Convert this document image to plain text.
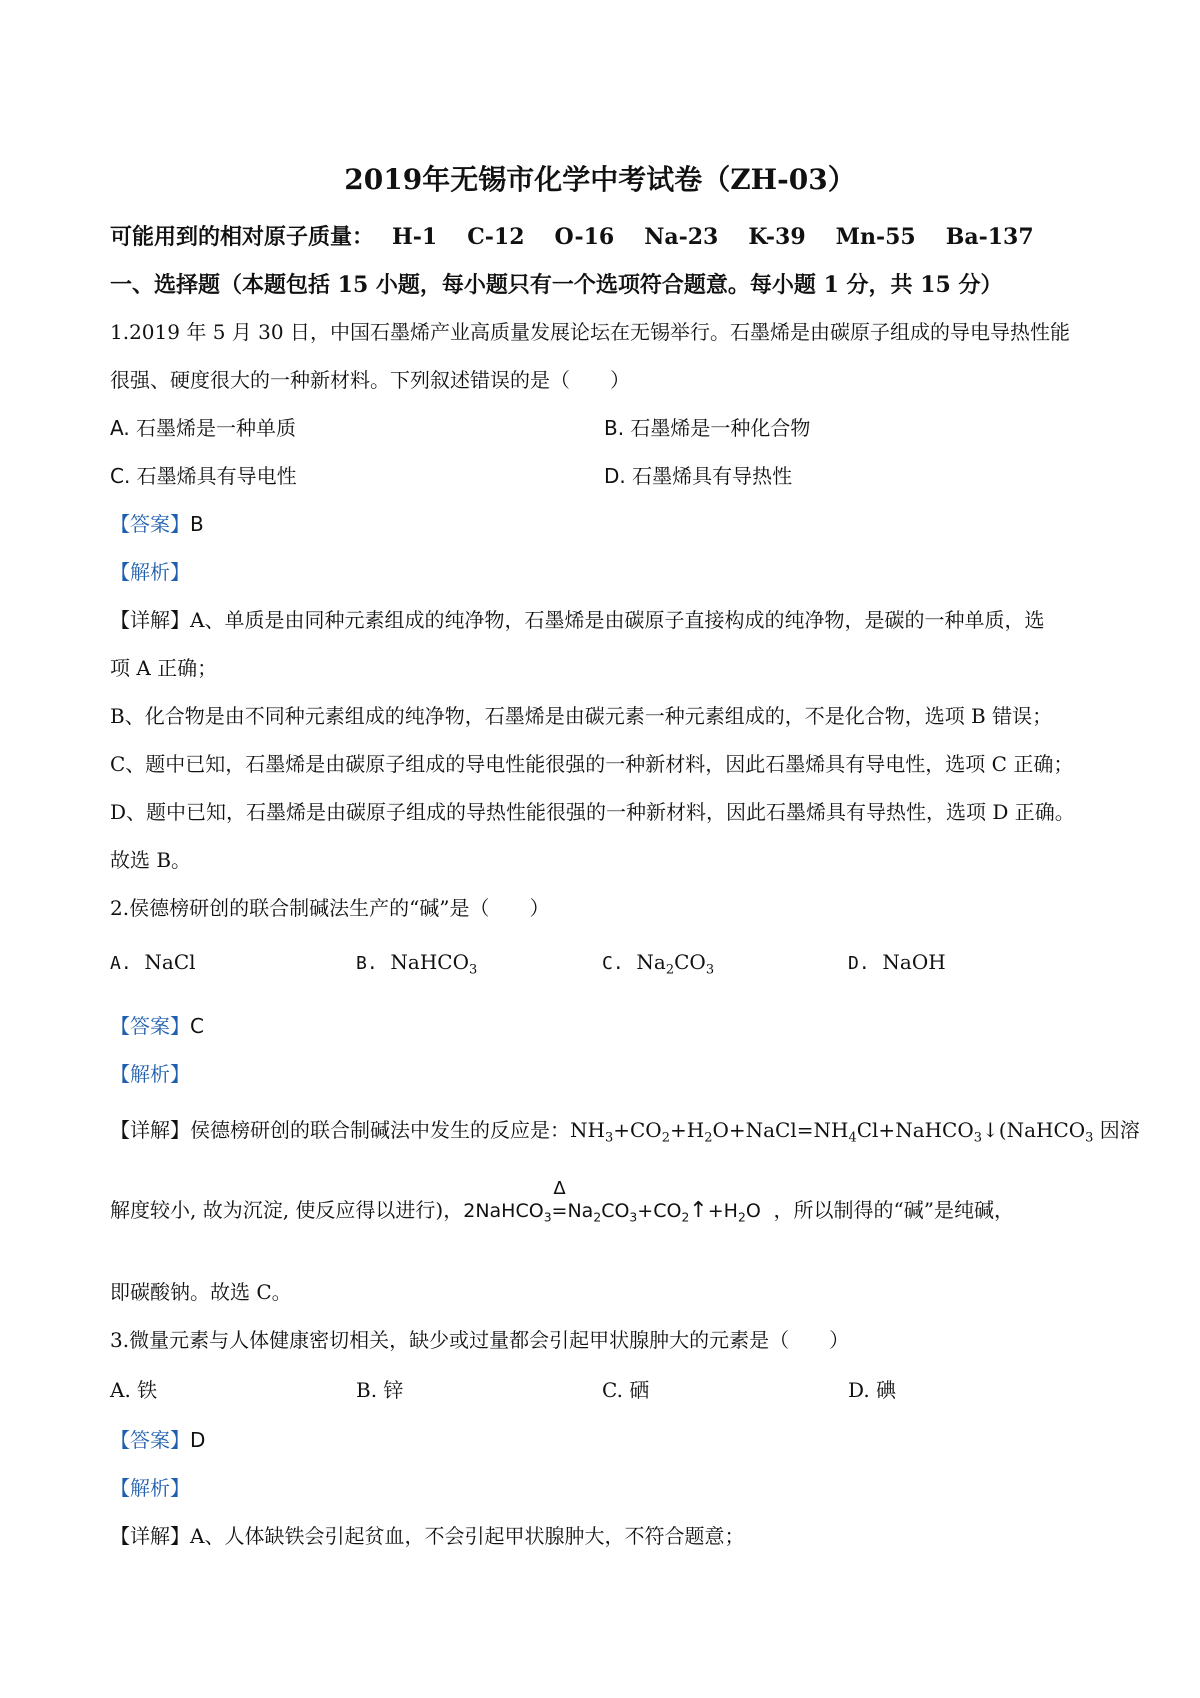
2019年无锡市化学中考试卷（ZH-03）
可能用到的相对原子质量： H-1 C-12 O-16 Na-23 K-39 Mn-55 Ba-137
一、选择题（本题包括 15 小题，每小题只有一个选项符合题意。每小题 1 分，共 15 分）
1.2019 年 5 月 30 日，中国石墨烯产业高质量发展论坛在无锡举行。石墨烯是由碳原子组成的导电导热性能
很强、硬度很大的一种新材料。下列叙述错误的是（　　）
A. 石墨烯是一种单质	B. 石墨烯是一种化合物
C. 石墨烯具有导电性	D. 石墨烯具有导热性
【答案】B
【解析】
【详解】A、单质是由同种元素组成的纯净物，石墨烯是由碳原子直接构成的纯净物，是碳的一种单质，选
项 A 正确；
B、化合物是由不同种元素组成的纯净物，石墨烯是由碳元素一种元素组成的，不是化合物，选项 B 错误；
C、题中已知，石墨烯是由碳原子组成的导电性能很强的一种新材料，因此石墨烯具有导电性，选项 C 正确；
D、题中已知，石墨烯是由碳原子组成的导热性能很强的一种新材料，因此石墨烯具有导热性，选项 D 正确。
故选 B。
2.侯德榜研创的联合制碱法生产的“碱”是（　　）
A. NaCl	B. NaHCO$_3$	C. $Na_2CO_3$	D. NaOH
【答案】C
【解析】
【详解】侯德榜研创的联合制碱法中发生的反应是：$NH_3+CO_2+H_2O+NaCl=NH_4Cl+NaHCO_3↓(NaHCO_3$ 因溶
解度较小, 故为沉淀, 使反应得以进行)，2NaHCO$_3$
Δ
$=Na_2CO_3+CO_2↑+H_2O$ ，所以制得的“碱”是纯碱，
即碳酸钠。故选 C。
3.微量元素与人体健康密切相关，缺少或过量都会引起甲状腺肿大的元素是（　　）
A. 铁	B. 锌	C. 硒	D. 碘
【答案】D
【解析】
【详解】A、人体缺铁会引起贫血，不会引起甲状腺肿大，不符合题意；
